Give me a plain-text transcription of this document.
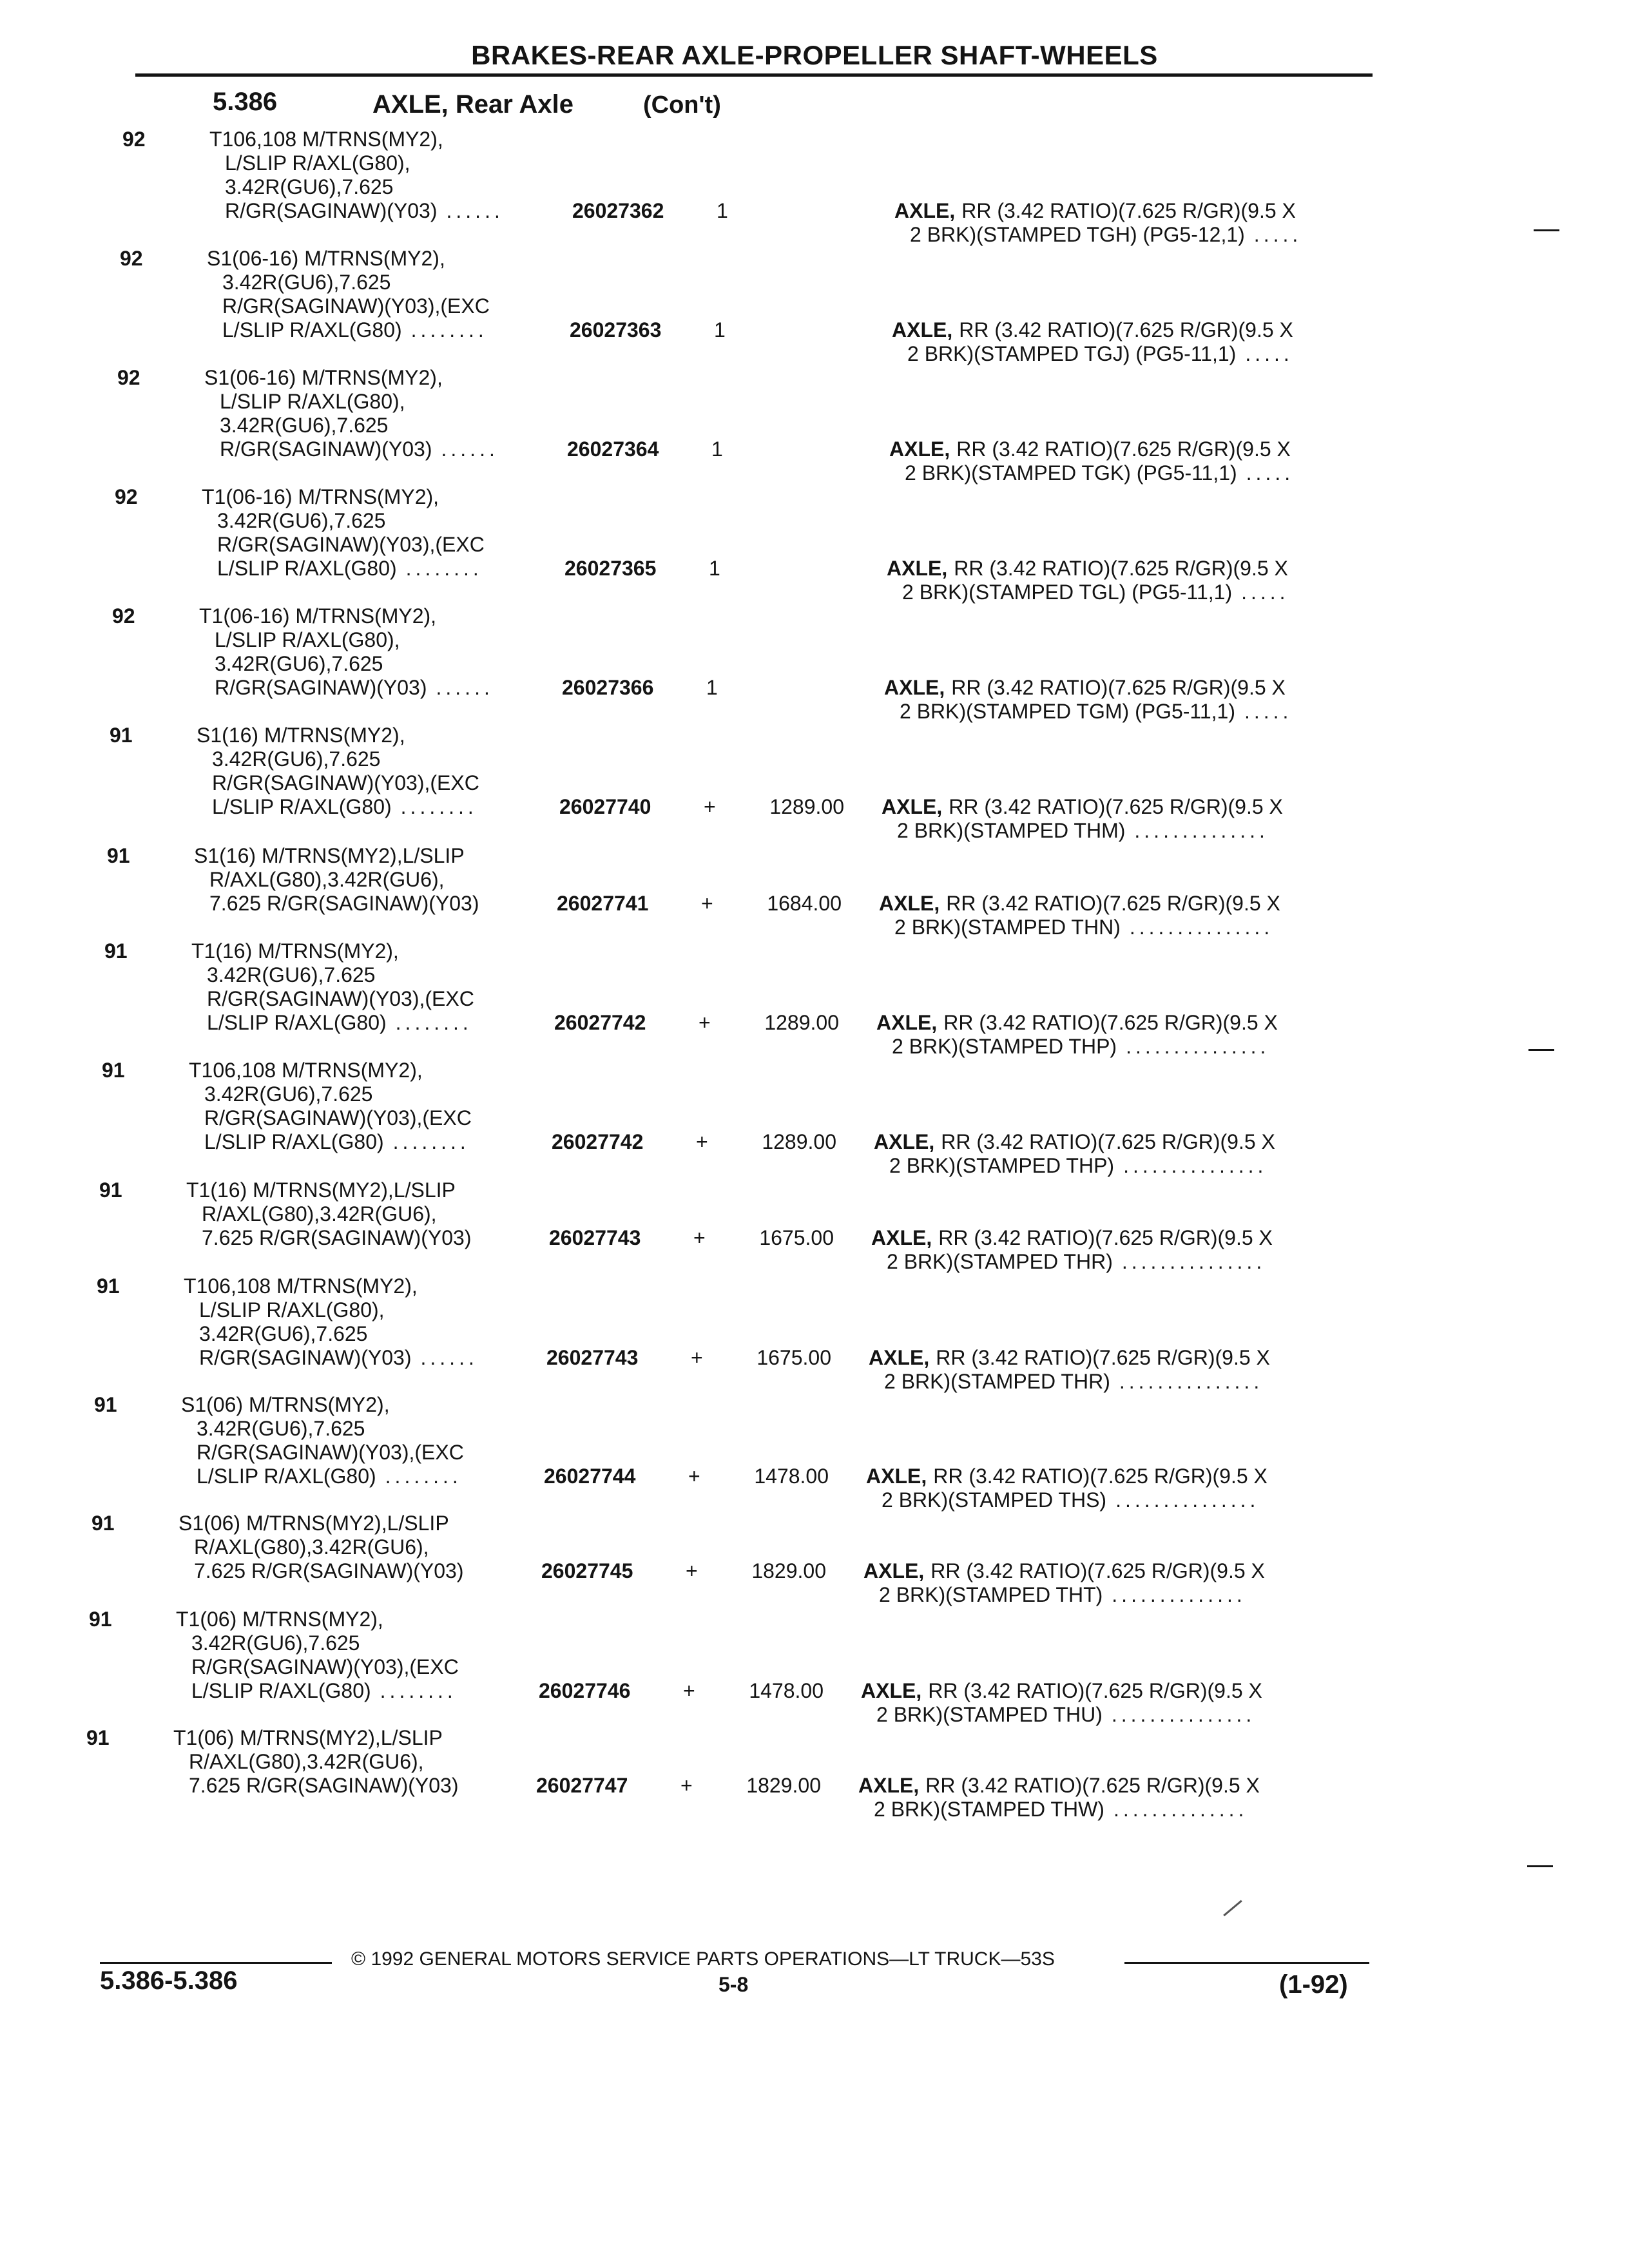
BRAKES-REAR AXLE-PROPELLER SHAFT-WHEELS
5.386	AXLE, Rear Axle	(Con't)
92	T106,108 M/TRNS(MY2),
L/SLIP R/AXL(G80),
3.42R(GU6),7.625
R/GR(SAGINAW)(Y03) ......	26027362	1	AXLE, RR (3.42 RATIO)(7.625 R/GR)(9.5 X
2 BRK)(STAMPED TGH) (PG5-12,1) .....
92	S1(06-16) M/TRNS(MY2),
3.42R(GU6),7.625
R/GR(SAGINAW)(Y03),(EXC
L/SLIP R/AXL(G80) ........	26027363	1	AXLE, RR (3.42 RATIO)(7.625 R/GR)(9.5 X
2 BRK)(STAMPED TGJ) (PG5-11,1) .....
92	S1(06-16) M/TRNS(MY2),
L/SLIP R/AXL(G80),
3.42R(GU6),7.625
R/GR(SAGINAW)(Y03) ......	26027364	1	AXLE, RR (3.42 RATIO)(7.625 R/GR)(9.5 X
2 BRK)(STAMPED TGK) (PG5-11,1) .....
92	T1(06-16) M/TRNS(MY2),
3.42R(GU6),7.625
R/GR(SAGINAW)(Y03),(EXC
L/SLIP R/AXL(G80) ........	26027365	1	AXLE, RR (3.42 RATIO)(7.625 R/GR)(9.5 X
2 BRK)(STAMPED TGL) (PG5-11,1) .....
92	T1(06-16) M/TRNS(MY2),
L/SLIP R/AXL(G80),
3.42R(GU6),7.625
R/GR(SAGINAW)(Y03) ......	26027366	1	AXLE, RR (3.42 RATIO)(7.625 R/GR)(9.5 X
2 BRK)(STAMPED TGM) (PG5-11,1) .....
91	S1(16) M/TRNS(MY2),
3.42R(GU6),7.625
R/GR(SAGINAW)(Y03),(EXC
L/SLIP R/AXL(G80) ........	26027740	+	1289.00 AXLE, RR (3.42 RATIO)(7.625 R/GR)(9.5 X
2 BRK)(STAMPED THM) ..............
91	S1(16) M/TRNS(MY2),L/SLIP
R/AXL(G80),3.42R(GU6),
7.625 R/GR(SAGINAW)(Y03)	26027741	+	1684.00 AXLE, RR (3.42 RATIO)(7.625 R/GR)(9.5 X
2 BRK)(STAMPED THN) ...............
91	T1(16) M/TRNS(MY2),
3.42R(GU6),7.625
R/GR(SAGINAW)(Y03),(EXC
L/SLIP R/AXL(G80) ........	26027742	+	1289.00 AXLE, RR (3.42 RATIO)(7.625 R/GR)(9.5 X
2 BRK)(STAMPED THP) ...............
91	T106,108 M/TRNS(MY2),
3.42R(GU6),7.625
R/GR(SAGINAW)(Y03),(EXC
L/SLIP R/AXL(G80) ........	26027742	+	1289.00 AXLE, RR (3.42 RATIO)(7.625 R/GR)(9.5 X
2 BRK)(STAMPED THP) ...............
91	T1(16) M/TRNS(MY2),L/SLIP
R/AXL(G80),3.42R(GU6),
7.625 R/GR(SAGINAW)(Y03)	26027743	+	1675.00 AXLE, RR (3.42 RATIO)(7.625 R/GR)(9.5 X
2 BRK)(STAMPED THR) ...............
91	T106,108 M/TRNS(MY2),
L/SLIP R/AXL(G80),
3.42R(GU6),7.625
R/GR(SAGINAW)(Y03) ......	26027743	+	1675.00 AXLE, RR (3.42 RATIO)(7.625 R/GR)(9.5 X
2 BRK)(STAMPED THR) ...............
91	S1(06) M/TRNS(MY2),
3.42R(GU6),7.625
R/GR(SAGINAW)(Y03),(EXC
L/SLIP R/AXL(G80) ........	26027744	+	1478.00 AXLE, RR (3.42 RATIO)(7.625 R/GR)(9.5 X
2 BRK)(STAMPED THS) ...............
91	S1(06) M/TRNS(MY2),L/SLIP
R/AXL(G80),3.42R(GU6),
7.625 R/GR(SAGINAW)(Y03)	26027745	+	1829.00 AXLE, RR (3.42 RATIO)(7.625 R/GR)(9.5 X
2 BRK)(STAMPED THT) ..............
91	T1(06) M/TRNS(MY2),
3.42R(GU6),7.625
R/GR(SAGINAW)(Y03),(EXC
L/SLIP R/AXL(G80) ........	26027746	+	1478.00 AXLE, RR (3.42 RATIO)(7.625 R/GR)(9.5 X
2 BRK)(STAMPED THU) ...............
91	T1(06) M/TRNS(MY2),L/SLIP
R/AXL(G80),3.42R(GU6),
7.625 R/GR(SAGINAW)(Y03)	26027747	+	1829.00 AXLE, RR (3.42 RATIO)(7.625 R/GR)(9.5 X
2 BRK)(STAMPED THW) ..............
© 1992 GENERAL MOTORS SERVICE PARTS OPERATIONS—LT TRUCK—53S
5.386-5.386	5-8	(1-92)
